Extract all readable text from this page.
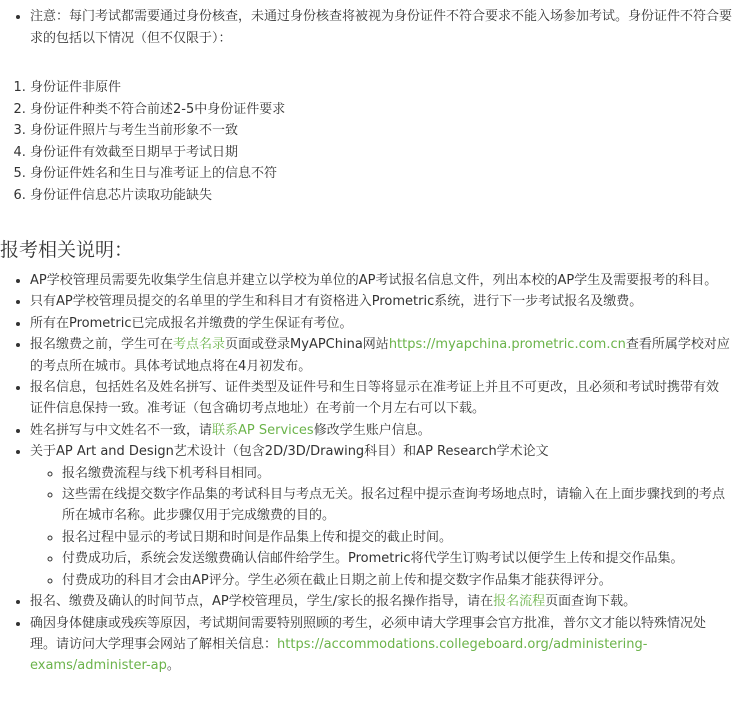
• 注意：每门考试都需要通过身份核查，未通过身份核查将被视为身份证件不符合要求不能入场参加考试。身份证件不符合要求的包括以下情况（但不仅限于）：
1. 身份证件非原件
2. 身份证件种类不符合前述2-5中身份证件要求
3. 身份证件照片与考生当前形象不一致
4. 身份证件有效截至日期早于考试日期
5. 身份证件姓名和生日与准考证上的信息不符
6. 身份证件信息芯片读取功能缺失
报考相关说明：
• AP学校管理员需要先收集学生信息并建立以学校为单位的AP考试报名信息文件，列出本校的AP学生及需要报考的科目。
• 只有AP学校管理员提交的名单里的学生和科目才有资格进入Prometric系统，进行下一步考试报名及缴费。
• 所有在Prometric已完成报名并缴费的学生保证有考位。
• 报名缴费之前，学生可在考点名录页面或登录MyAPChina网站https://myapchina.prometric.com.cn查看所属学校对应的考点所在城市。具体考试地点将在4月初发布。
• 报名信息，包括姓名及姓名拼写、证件类型及证件号和生日等将显示在准考证上并且不可更改，且必须和考试时携带有效证件信息保持一致。准考证（包含确切考点地址）在考前一个月左右可以下载。
• 姓名拼写与中文姓名不一致，请联系AP Services修改学生账户信息。
• 关于AP Art and Design艺术设计（包含2D/3D/Drawing科目）和AP Research学术论文
◦ 报名缴费流程与线下机考科目相同。
◦ 这些需在线提交数字作品集的考试科目与考点无关。报名过程中提示查询考场地点时，请输入在上面步骤找到的考点所在城市名称。此步骤仅用于完成缴费的目的。
◦ 报名过程中显示的考试日期和时间是作品集上传和提交的截止时间。
◦ 付费成功后，系统会发送缴费确认信邮件给学生。Prometric将代学生订购考试以便学生上传和提交作品集。
◦ 付费成功的科目才会由AP评分。学生必须在截止日期之前上传和提交数字作品集才能获得评分。
• 报名、缴费及确认的时间节点，AP学校管理员，学生/家长的报名操作指导，请在报名流程页面查询下载。
• 确因身体健康或残疾等原因，考试期间需要特别照顾的考生，必须申请大学理事会官方批准，普尔文才能以特殊情况处理。请访问大学理事会网站了解相关信息：https://accommodations.collegeboard.org/administering-exams/administer-ap。
